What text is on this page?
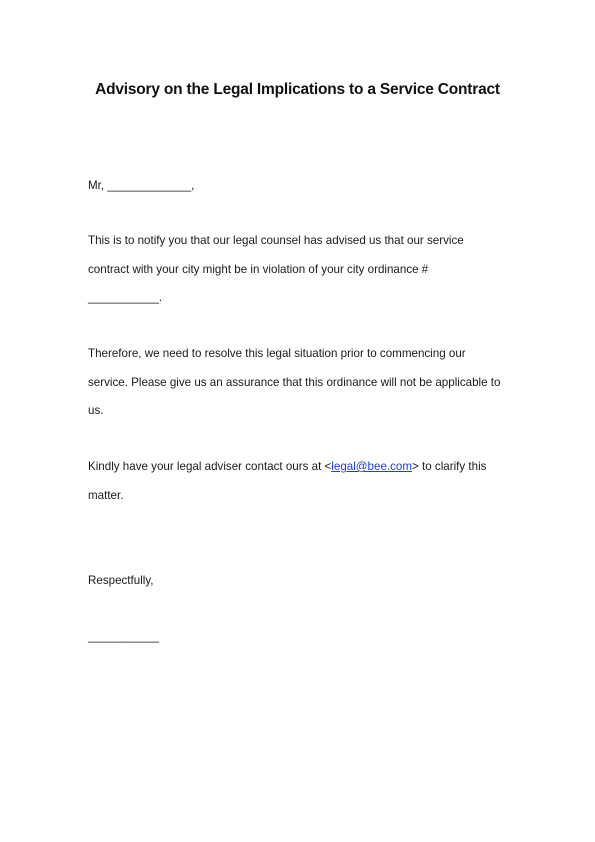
Advisory on the Legal Implications to a Service Contract
Mr, _____________,
This is to notify you that our legal counsel has advised us that our service
contract with your city might be in violation of your city ordinance #
___________.
Therefore, we need to resolve this legal situation prior to commencing our
service. Please give us an assurance that this ordinance will not be applicable to
us.
Kindly have your legal adviser contact ours at <legal@bee.com> to clarify this
matter.
Respectfully,
___________
